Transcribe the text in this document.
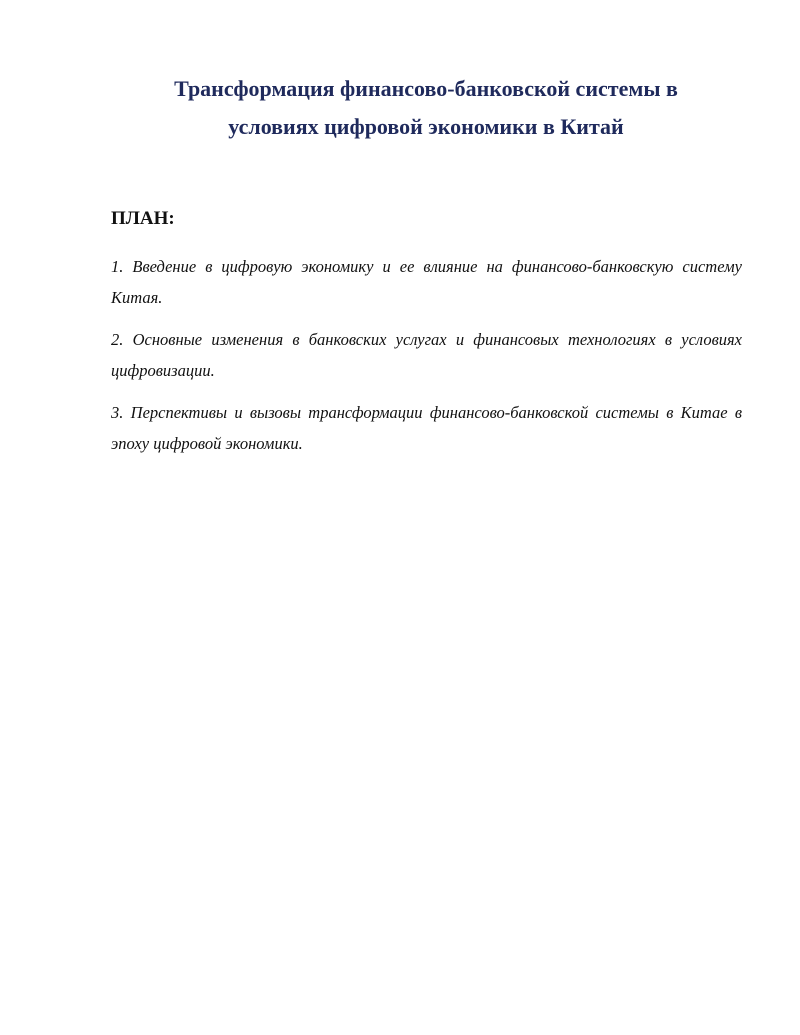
Трансформация финансово-банковской системы в
условиях цифровой экономики в Китай
ПЛАН:
1. Введение в цифровую экономику и ее влияние на финансово-банковскую систему Китая.
2. Основные изменения в банковских услугах и финансовых технологиях в условиях цифровизации.
3. Перспективы и вызовы трансформации финансово-банковской системы в Китае в эпоху цифровой экономики.
